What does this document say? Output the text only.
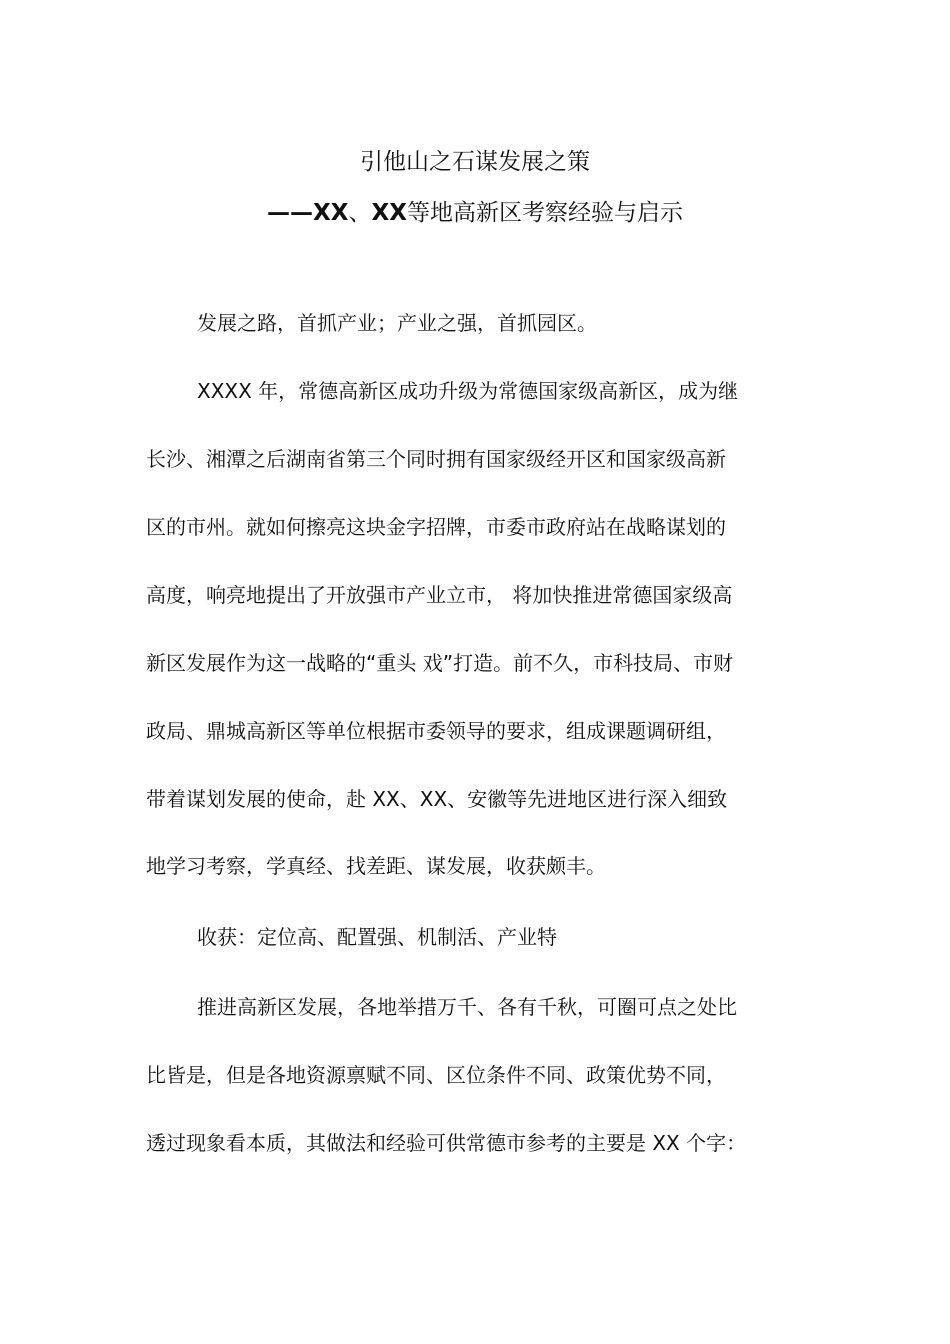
引他山之石谋发展之策
——XX、XX等地高新区考察经验与启示
发展之路，首抓产业；产业之强，首抓园区。
XXXX 年，常德高新区成功升级为常德国家级高新区，成为继
长沙、湘潭之后湖南省第三个同时拥有国家级经开区和国家级高新
区的市州。就如何擦亮这块金字招牌，市委市政府站在战略谋划的
高度，响亮地提出了开放强市产业立市， 将加快推进常德国家级高
新区发展作为这一战略的“重头 戏”打造。前不久，市科技局、市财
政局、鼎城高新区等单位根据市委领导的要求，组成课题调研组，
带着谋划发展的使命，赴 XX、XX、安徽等先进地区进行深入细致
地学习考察，学真经、找差距、谋发展，收获颇丰。
收获：定位高、配置强、机制活、产业特
推进高新区发展，各地举措万千、各有千秋，可圈可点之处比
比皆是，但是各地资源禀赋不同、区位条件不同、政策优势不同，
透过现象看本质，其做法和经验可供常德市参考的主要是 XX 个字：
